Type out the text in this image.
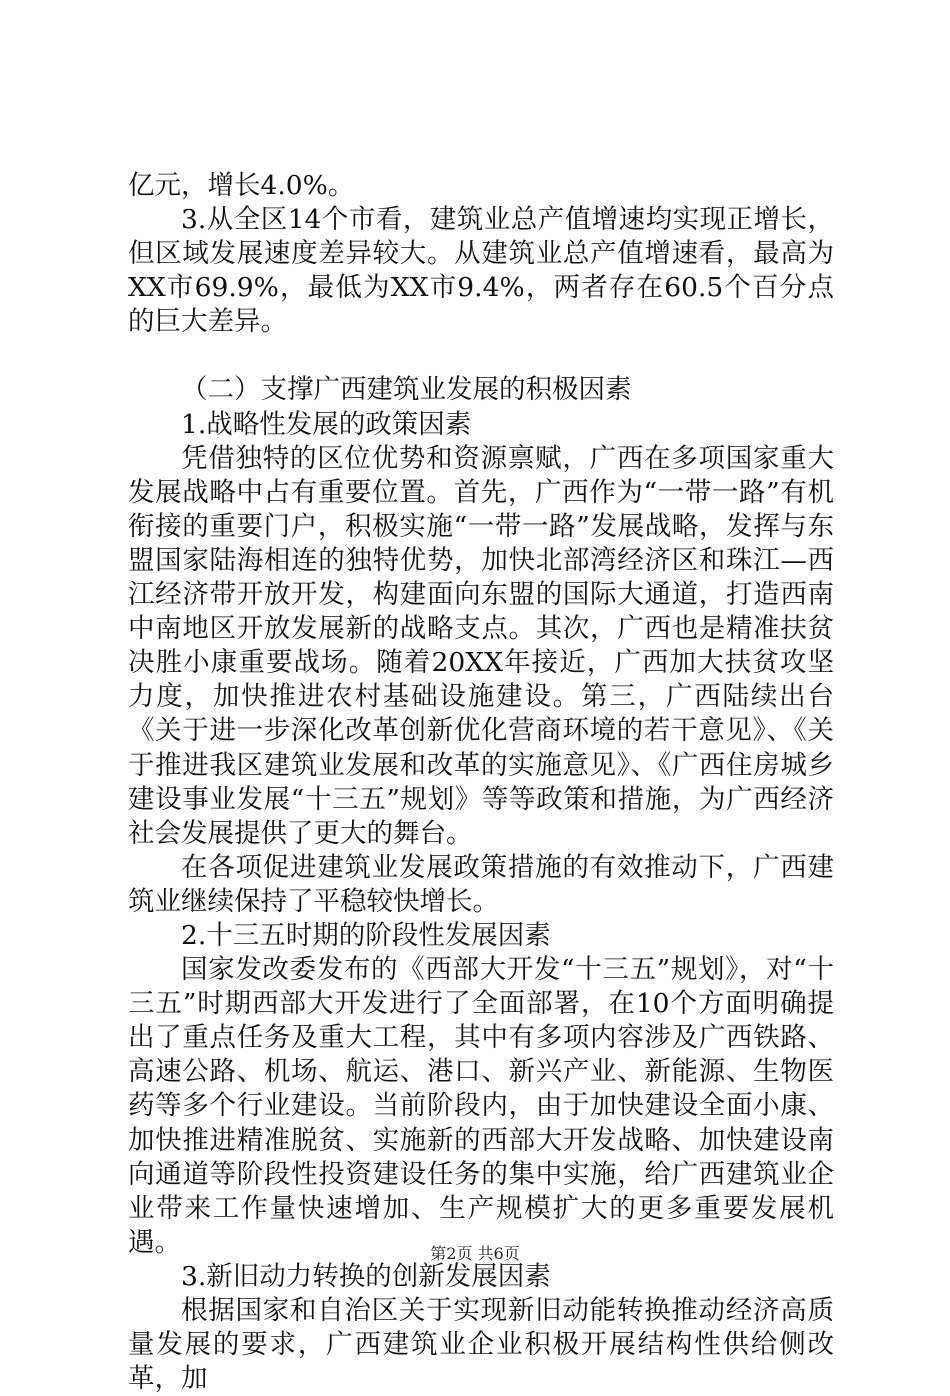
亿元，增长4.0%。

3.从全区14个市看，建筑业总产值增速均实现正增长，但区域发展速度差异较大。从建筑业总产值增速看，最高为XX市69.9%，最低为XX市9.4%，两者存在60.5个百分点的巨大差异。

（二）支撑广西建筑业发展的积极因素

1.战略性发展的政策因素

凭借独特的区位优势和资源禀赋，广西在多项国家重大发展战略中占有重要位置。首先，广西作为“一带一路”有机衔接的重要门户，积极实施“一带一路”发展战略，发挥与东盟国家陆海相连的独特优势，加快北部湾经济区和珠江—西江经济带开放开发，构建面向东盟的国际大通道，打造西南中南地区开放发展新的战略支点。其次，广西也是精准扶贫决胜小康重要战场。随着20XX年接近，广西加大扶贫攻坚力度，加快推进农村基础设施建设。第三，广西陆续出台《关于进一步深化改革创新优化营商环境的若干意见》、《关于推进我区建筑业发展和改革的实施意见》、《广西住房城乡建设事业发展“十三五”规划》等等政策和措施，为广西经济社会发展提供了更大的舞台。

在各项促进建筑业发展政策措施的有效推动下，广西建筑业继续保持了平稳较快增长。

2.十三五时期的阶段性发展因素

国家发改委发布的《西部大开发“十三五”规划》，对“十三五”时期西部大开发进行了全面部署，在10个方面明确提出了重点任务及重大工程，其中有多项内容涉及广西铁路、高速公路、机场、航运、港口、新兴产业、新能源、生物医药等多个行业建设。当前阶段内，由于加快建设全面小康、加快推进精准脱贫、实施新的西部大开发战略、加快建设南向通道等阶段性投资建设任务的集中实施，给广西建筑业企业带来工作量快速增加、生产规模扩大的更多重要发展机遇。

3.新旧动力转换的创新发展因素

根据国家和自治区关于实现新旧动能转换推动经济高质量发展的要求，广西建筑业企业积极开展结构性供给侧改革，加

第2页 共6页
